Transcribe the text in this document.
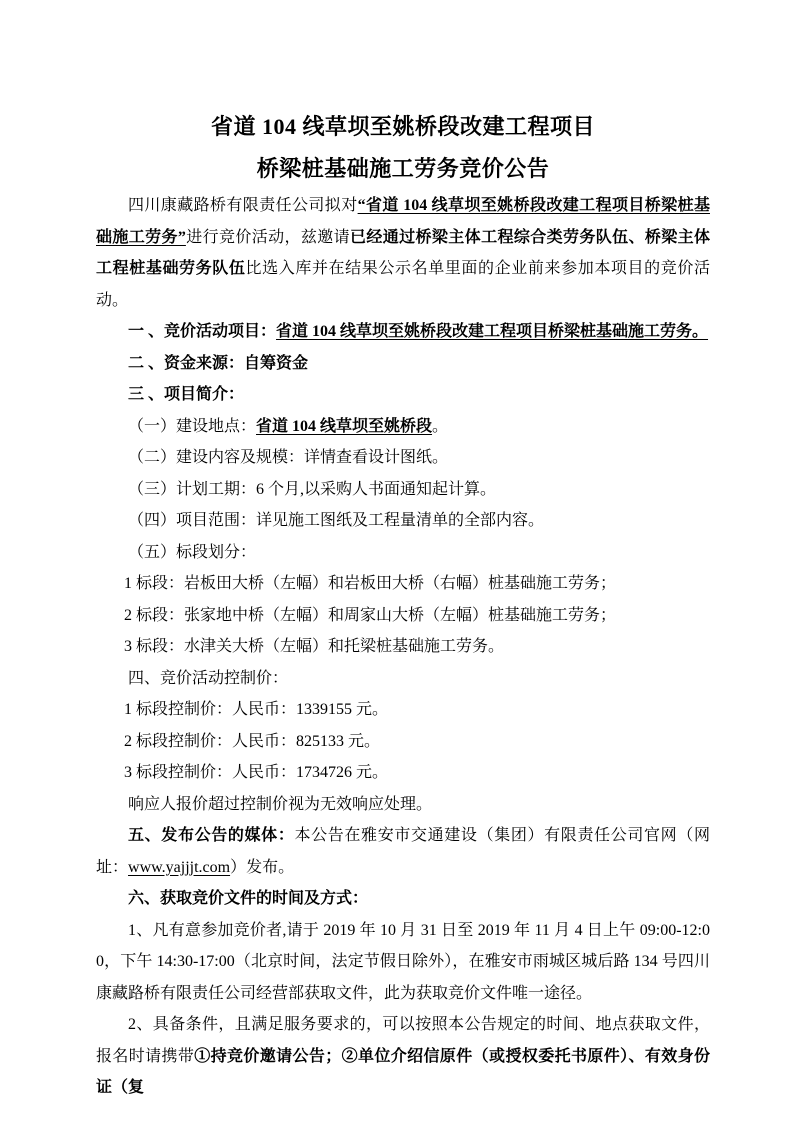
省道 104 线草坝至姚桥段改建工程项目
桥梁桩基础施工劳务竞价公告

四川康藏路桥有限责任公司拟对“省道 104 线草坝至姚桥段改建工程项目桥梁桩基础施工劳务”进行竞价活动，兹邀请已经通过桥梁主体工程综合类劳务队伍、桥梁主体工程桩基础劳务队伍比选入库并在结果公示名单里面的企业前来参加本项目的竞价活动。

一 、竞价活动项目：省道 104 线草坝至姚桥段改建工程项目桥梁桩基础施工劳务。

二 、资金来源：自筹资金

三 、项目简介：

（一）建设地点：省道 104 线草坝至姚桥段。

（二）建设内容及规模：详情查看设计图纸。

（三）计划工期：6 个月,以采购人书面通知起计算。

（四）项目范围：详见施工图纸及工程量清单的全部内容。

（五）标段划分：

1 标段：岩板田大桥（左幅）和岩板田大桥（右幅）桩基础施工劳务；

2 标段：张家地中桥（左幅）和周家山大桥（左幅）桩基础施工劳务；

3 标段：水津关大桥（左幅）和托梁桩基础施工劳务。

四、竞价活动控制价：

1 标段控制价：人民币：1339155 元。

2 标段控制价：人民币：825133 元。

3 标段控制价：人民币：1734726 元。

响应人报价超过控制价视为无效响应处理。

五、发布公告的媒体：本公告在雅安市交通建设（集团）有限责任公司官网（网址：www.yajjjt.com）发布。

六、获取竞价文件的时间及方式：

1、凡有意参加竞价者,请于 2019 年 10 月 31 日至 2019 年 11 月 4 日上午 09:00-12:00，下午 14:30-17:00（北京时间，法定节假日除外），在雅安市雨城区城后路 134 号四川康藏路桥有限责任公司经营部获取文件，此为获取竞价文件唯一途径。

2、具备条件，且满足服务要求的，可以按照本公告规定的时间、地点获取文件，报名时请携带①持竞价邀请公告；②单位介绍信原件（或授权委托书原件）、有效身份证（复
